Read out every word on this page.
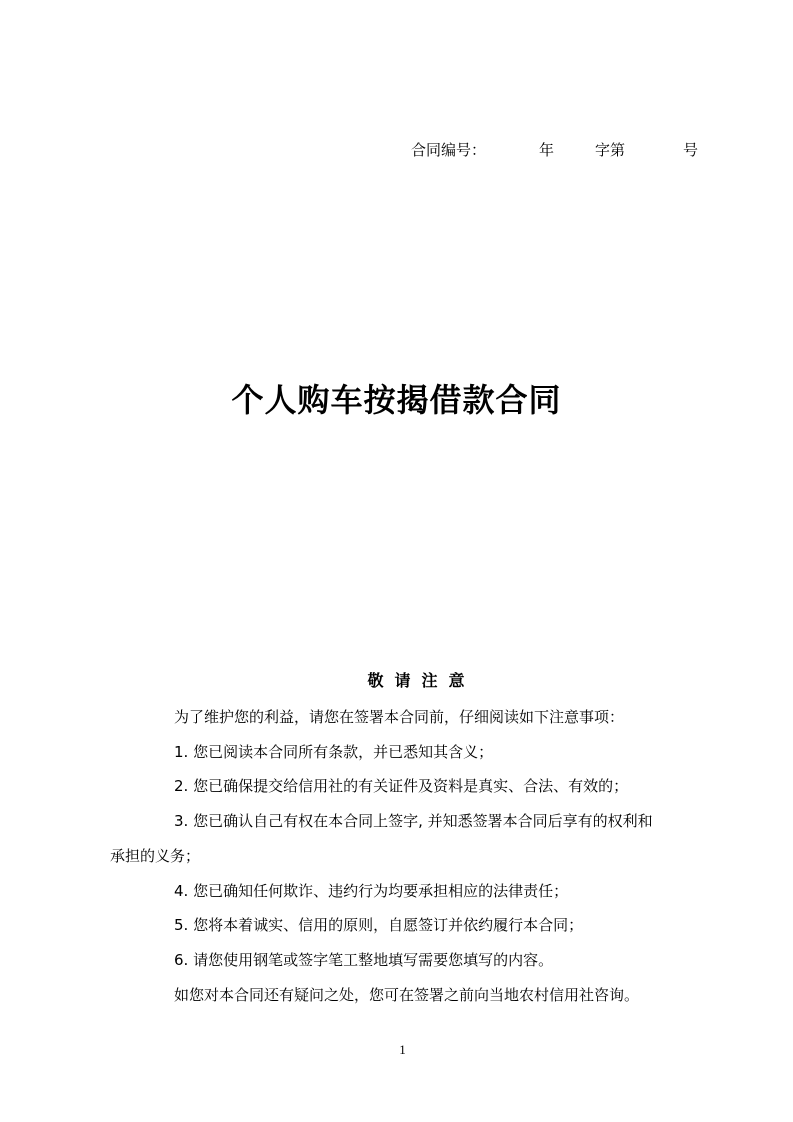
合同编号：	年	字第	号
个人购车按揭借款合同
敬请注意
为了维护您的利益，请您在签署本合同前，仔细阅读如下注意事项：
1. 您已阅读本合同所有条款，并已悉知其含义；
2. 您已确保提交给信用社的有关证件及资料是真实、合法、有效的；
3. 您已确认自己有权在本合同上签字, 并知悉签署本合同后享有的权利和
承担的义务；
4. 您已确知任何欺诈、违约行为均要承担相应的法律责任；
5. 您将本着诚实、信用的原则，自愿签订并依约履行本合同；
6. 请您使用钢笔或签字笔工整地填写需要您填写的内容。
如您对本合同还有疑问之处，您可在签署之前向当地农村信用社咨询。
1
